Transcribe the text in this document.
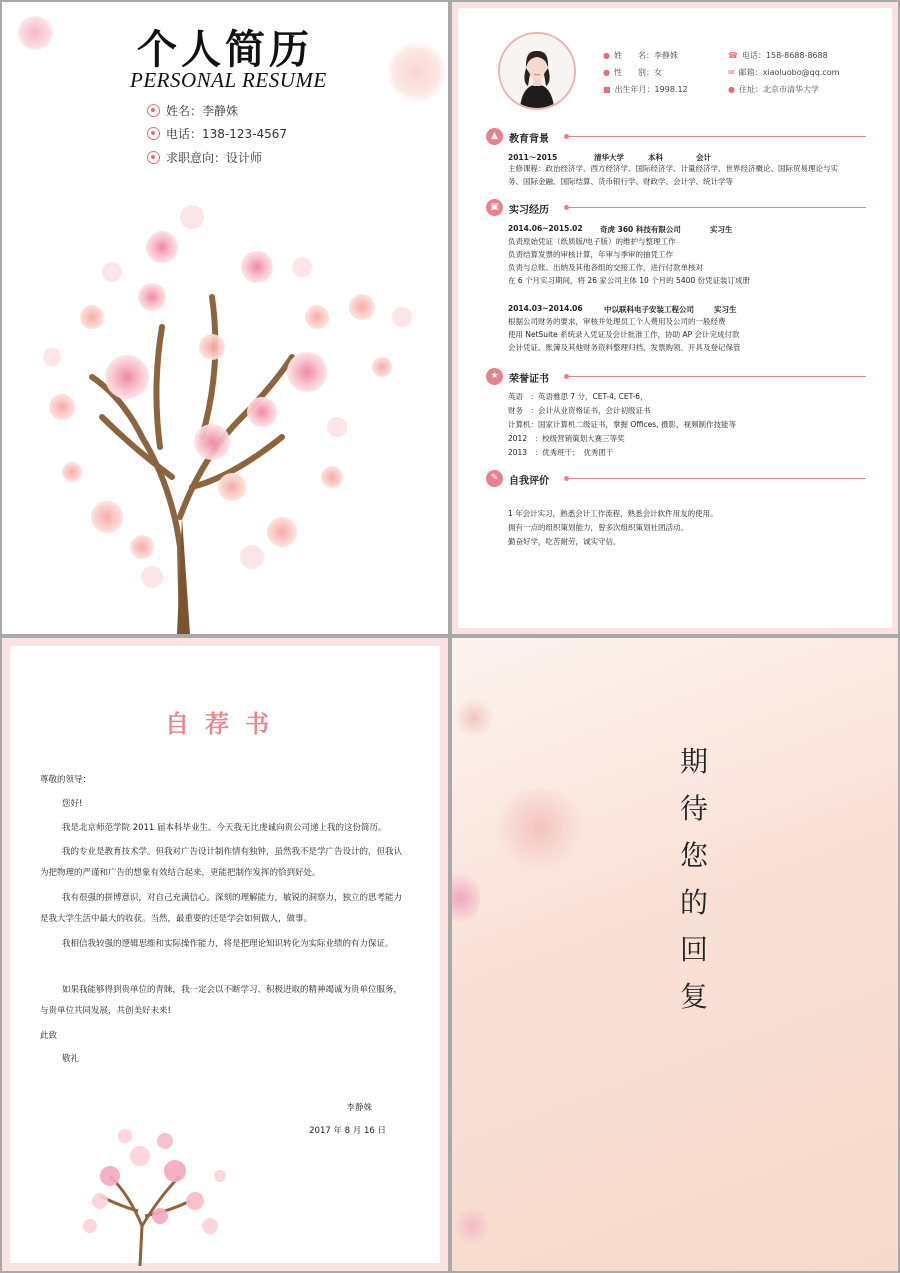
个人简历
PERSONAL RESUME
姓名：李静姝
电话：138-123-4567
求职意向：设计师
● 姓　　名：李静姝
● 性　　别：女
■ 出生年月：1998.12
☎ 电话：158-8688-8688
✉ 邮箱：xiaoluobo@qq.com
● 住址：北京市清华大学
▲	教育背景
2011～2015	清华大学	本科	会计
主修课程：政治经济学、西方经济学、国际经济学、计量经济学、世界经济概论、国际贸易理论与实
务、国际金融、国际结算、货币银行学、财政学、会计学、统计学等
▣	实习经历
2014.06~2015.02 奇虎 360 科技有限公司	实习生
负责原始凭证（纸质版/电子版）的维护与整理工作
负责结算发票的审核计算，年审与季审的抽凭工作
负责与总账、出纳及其他各组的交接工作，进行付款单核对
在 6 个月实习期间，将 26 家公司主体 10 个月的 5400 份凭证装订成册
2014.03~2014.06	中以联科电子安装工程公司	实习生
根据公司财务的要求，审核并处理员工个人费用及公司的一般经费
使用 NetSuite 系统录入凭证及会计批准工作，协助 AP 会计完成付款
会计凭证、账簿及其他财务资料整理归档，发票购领、开具及登记保管
★	荣誉证书
英语　：英语雅思 7 分，CET-4, CET-6，
财务　：会计从业资格证书，会计初级证书
计算机：国家计算机二级证书，掌握 Offices, 摄影，视频制作技能等
2012　：校级营销策划大赛三等奖
2013　：优秀班干；　优秀团干
✎	自我评价
1 年会计实习，熟悉会计工作流程，熟悉会计软件用友的使用。
拥有一点的组织策划能力，曾多次组织策划社团活动。
勤奋好学，吃苦耐劳，诚实守信。
自荐书
尊敬的领导：
您好!
我是北京师范学院 2011 届本科毕业生。今天我无比虔诚向贵公司递上我的这份简历。
我的专业是教育技术学。但我对广告设计制作情有独钟，虽然我不是学广告设计的，但我认为把物理的严谨和广告的想象有效结合起来，更能把制作发挥的恰到好处。
我有很强的拼博意识，对自己充满信心。深刻的理解能力，敏锐的洞察力，独立的思考能力是我大学生活中最大的收获。当然，最重要的还是学会如何做人，做事。
我相信我较强的逻辑思维和实际操作能力，将是把理论知识转化为实际业绩的有力保证。
如果我能够得到贵单位的青睐，我一定会以不断学习、积极进取的精神竭诚为贵单位服务，与贵单位共同发展，共创美好未来!
此致
敬礼
李静姝
2017 年 8 月 16 日
期
待
您
的
回
复
